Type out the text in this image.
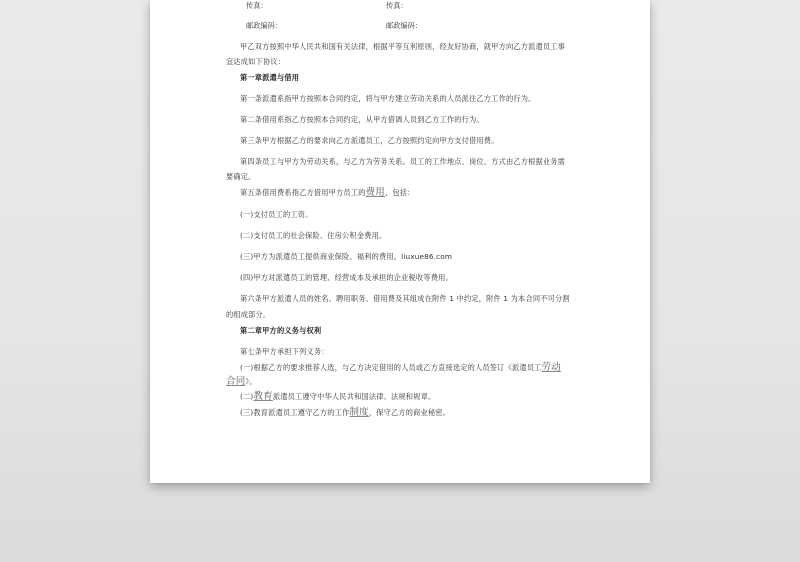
传真：	传真：
邮政编码：	邮政编码：
甲乙双方按照中华人民共和国有关法律，根据平等互利原则，经友好协商，就甲方向乙方派遣员工事
宜达成如下协议：
第一章派遣与借用
第一条派遣系指甲方按照本合同约定，将与甲方建立劳动关系的人员派往乙方工作的行为。
第二条借用系指乙方按照本合同约定，从甲方借调人员到乙方工作的行为。
第三条甲方根据乙方的要求向乙方派遣员工，乙方按照约定向甲方支付借用费。
第四条员工与甲方为劳动关系，与乙方为劳务关系。员工的工作地点、岗位、方式由乙方根据业务需
要确定。
第五条借用费系指乙方借用甲方员工的费用，包括：
(一)支付员工的工资。
(二)支付员工的社会保险、住房公积金费用。
(三)甲方为派遣员工提供商业保险、福利的费用。liuxue86.com
(四)甲方对派遣员工的管理、经营成本及承担的企业税收等费用。
第六条甲方派遣人员的姓名、聘用职务、借用费及其组成在附件 1 中约定，附件 1 为本合同不可分割
的组成部分。
第二章甲方的义务与权利
第七条甲方承担下列义务：
(一)根据乙方的要求推荐人选，与乙方决定借用的人员或乙方直接选定的人员签订《派遣员工劳动
合同》。
(二)教育派遣员工遵守中华人民共和国法律、法规和规章。
(三)教育派遣员工遵守乙方的工作制度，保守乙方的商业秘密。
